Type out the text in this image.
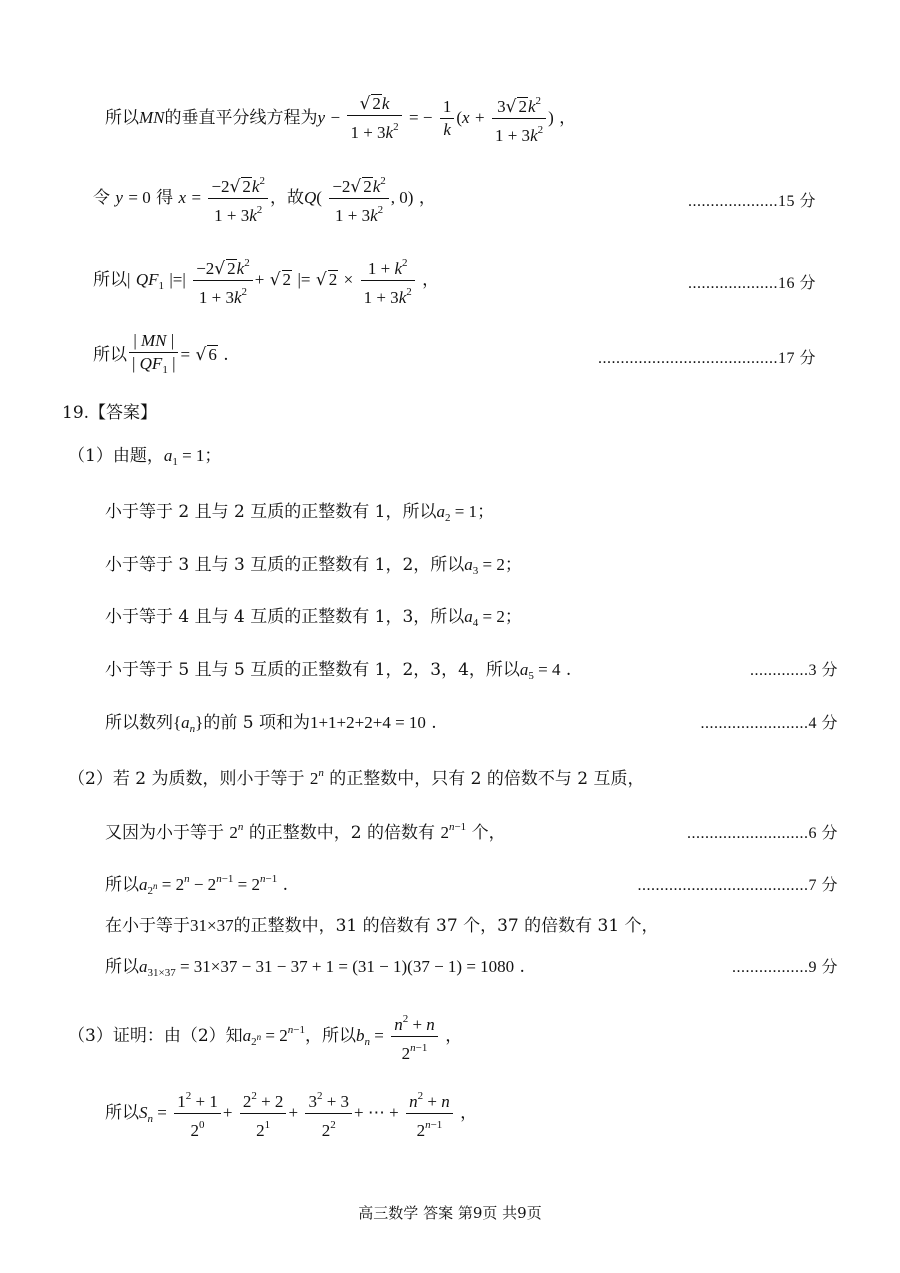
所以MN的垂直平分线方程为$y - \frac{√ 2k}{1 + 3k^2}$ = − $\frac{1}{k} (x + \frac{3√ 2k^2}{1 + 3k^2}$ ) ，
令 y = 0 得 $x = \frac{-2√ 2k^2}{1 + 3k^2}$ ，故$Q( \frac{-2√ 2k^2}{1 + 3k^2}$ , 0) ，	....................15 分
所以| $QF_1$ |=| $\frac{-2√ 2k^2}{1 + 3k^2}$ + √ 2 |= √ $2 \times \frac{1 + k^2}{1 + 3k^2}$ ，	....................16 分
所以 $\frac{| MN |}{| QF_1 |}$ = √ 6 .	........................................17 分
19.【答案】
（1）由题，$a_1 = 1$；
小于等于 2 且与 2 互质的正整数有 1，所以$a_2 = 1$；
小于等于 3 且与 3 互质的正整数有 1，2，所以$a_3 = 2$；
小于等于 4 且与 4 互质的正整数有 1，3，所以$a_4 = 2$；
小于等于 5 且与 5 互质的正整数有 1，2，3，4，所以$a_5 = 4$ .	.............3 分
所以数列$\{a_n\}$的前 5 项和为1+1+2+2+4 = 10 .	........................4 分
（2）若 2 为质数，则小于等于 2$^n$ 的正整数中，只有 2 的倍数不与 2 互质，
又因为小于等于 2$^n$ 的正整数中，2 的倍数有 $2^{n-1}$ 个，	...........................6 分
所以$a_{2^n} = 2^n - 2^{n-1} = 2^{n-1}$ .	......................................7 分
在小于等于31×37的正整数中，31 的倍数有 37 个，37 的倍数有 31 个，
所以$a_{31\times 37} = 31\times 37 - 31 - 37 + 1 = (31 - 1)(37 - 1) = 1080$ .	.................9 分
（3）证明：由（2）知$a_{2^n} = 2^{n-1}$，所以$b_n = \frac{n^2 + n}{2^{n-1}}$ ，
所以$S_n = \frac{1^2 + 1}{2^0} + \frac{2^2 + 2}{2^1} + \frac{3^2 + 3}{2^2}$ + ⋯ + $\frac{n^2 + n}{2^{n-1}}$ ，
高三数学 答案 第9页 共9页
